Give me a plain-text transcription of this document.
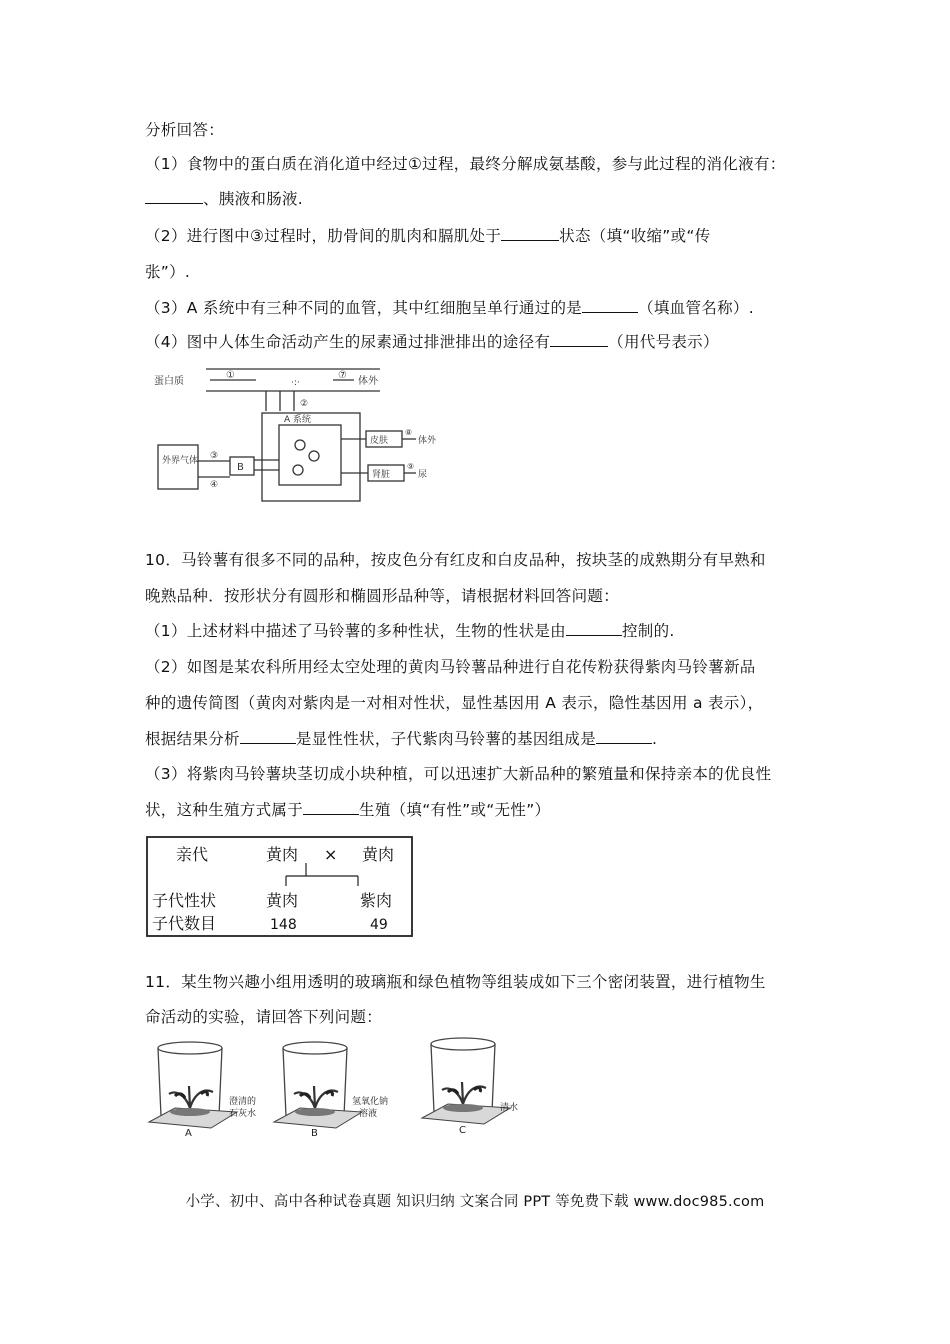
分析回答：
（1）食物中的蛋白质在消化道中经过①过程，最终分解成氨基酸，参与此过程的消化液有：
、胰液和肠液.
（2）进行图中③过程时，肋骨间的肌肉和膈肌处于	状态（填“收缩”或“传
张”）.
（3）A 系统中有三种不同的血管，其中红细胞呈单行通过的是	（填血管名称）.
（4）图中人体生命活动产生的尿素通过排泄排出的途径有	（用代号表示）
蛋白质
①
·:·
⑦
体外
②
A 系统
外界气体 ③
④
B
皮肤
肾脏
⑧
体外
⑨
尿
10．马铃薯有很多不同的品种，按皮色分有红皮和白皮品种，按块茎的成熟期分有早熟和
晚熟品种．按形状分有圆形和椭圆形品种等，请根据材料回答问题：
（1）上述材料中描述了马铃薯的多种性状，生物的性状是由	控制的.
（2）如图是某农科所用经太空处理的黄肉马铃薯品种进行自花传粉获得紫肉马铃薯新品
种的遗传简图（黄肉对紫肉是一对相对性状，显性基因用 A 表示，隐性基因用 a 表示），
根据结果分析	是显性性状，子代紫肉马铃薯的基因组成是	.
（3）将紫肉马铃薯块茎切成小块种植，可以迅速扩大新品种的繁殖量和保持亲本的优良性
状，这种生殖方式属于	生殖（填“有性”或“无性”）
亲代	黄肉 × 黄肉
子代性状	黄肉	紫肉
子代数目	148	49
11．某生物兴趣小组用透明的玻璃瓶和绿色植物等组装成如下三个密闭装置，进行植物生
命活动的实验，请回答下列问题：
澄清的
石灰水
A
氢氧化钠
溶液
B
清水
C
小学、初中、高中各种试卷真题 知识归纳 文案合同 PPT 等免费下载 www.doc985.com
